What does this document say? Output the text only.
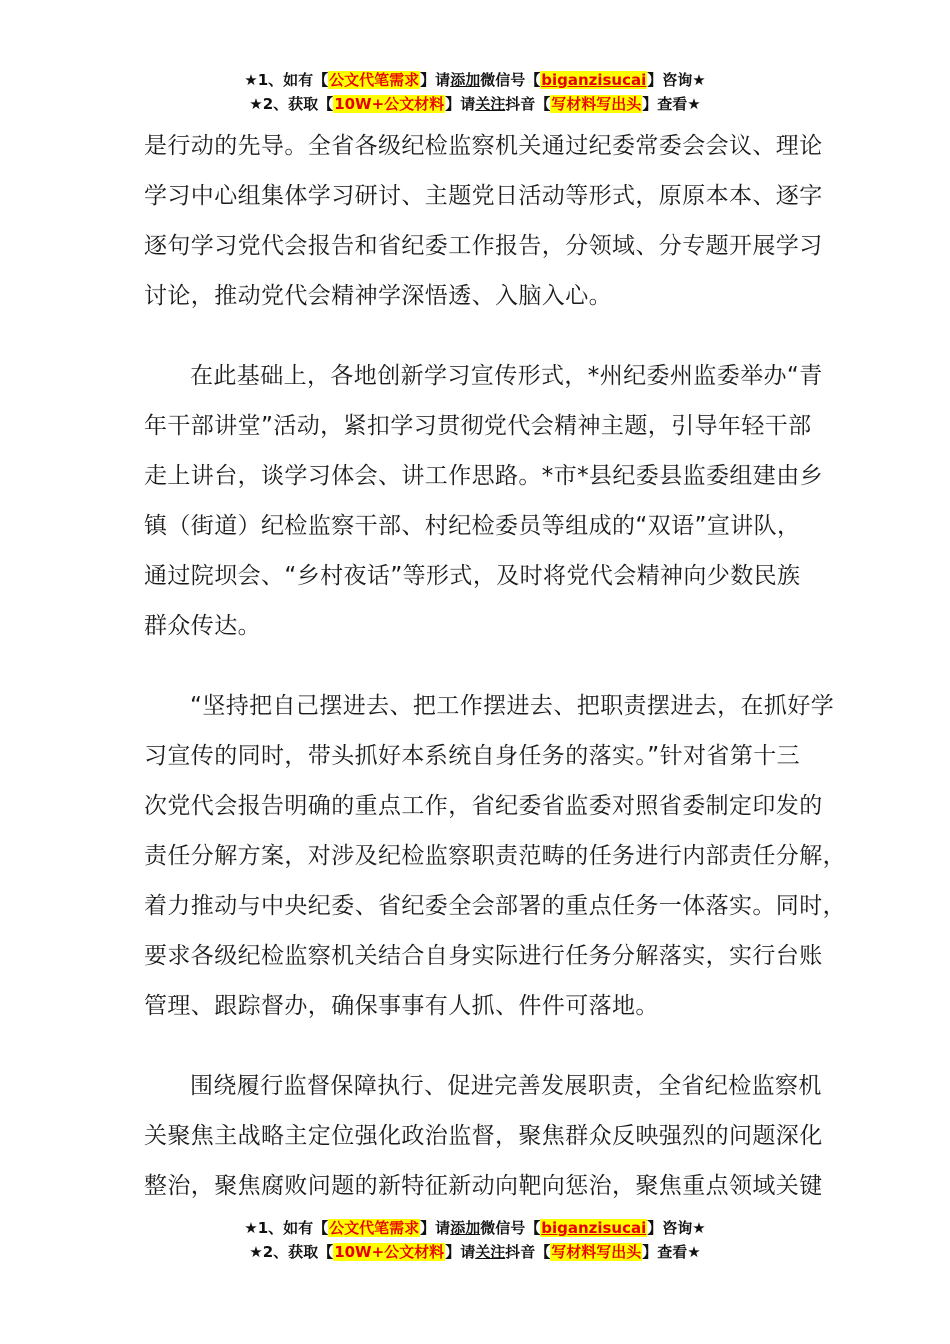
★1、如有【公文代笔需求】请添加微信号【biganzisucai】咨询★
★2、获取【10W+公文材料】请关注抖音【写材料写出头】查看★
是行动的先导。全省各级纪检监察机关通过纪委常委会会议、理论
学习中心组集体学习研讨、主题党日活动等形式，原原本本、逐字
逐句学习党代会报告和省纪委工作报告，分领域、分专题开展学习
讨论，推动党代会精神学深悟透、入脑入心。
在此基础上，各地创新学习宣传形式，*州纪委州监委举办“青
年干部讲堂”活动，紧扣学习贯彻党代会精神主题，引导年轻干部
走上讲台，谈学习体会、讲工作思路。*市*县纪委县监委组建由乡
镇（街道）纪检监察干部、村纪检委员等组成的“双语”宣讲队，
通过院坝会、“乡村夜话”等形式，及时将党代会精神向少数民族
群众传达。
“坚持把自己摆进去、把工作摆进去、把职责摆进去，在抓好学
习宣传的同时，带头抓好本系统自身任务的落实。”针对省第十三
次党代会报告明确的重点工作，省纪委省监委对照省委制定印发的
责任分解方案，对涉及纪检监察职责范畴的任务进行内部责任分解，
着力推动与中央纪委、省纪委全会部署的重点任务一体落实。同时，
要求各级纪检监察机关结合自身实际进行任务分解落实，实行台账
管理、跟踪督办，确保事事有人抓、件件可落地。
围绕履行监督保障执行、促进完善发展职责，全省纪检监察机
关聚焦主战略主定位强化政治监督，聚焦群众反映强烈的问题深化
整治，聚焦腐败问题的新特征新动向靶向惩治，聚焦重点领域关键
★1、如有【公文代笔需求】请添加微信号【biganzisucai】咨询★
★2、获取【10W+公文材料】请关注抖音【写材料写出头】查看★
